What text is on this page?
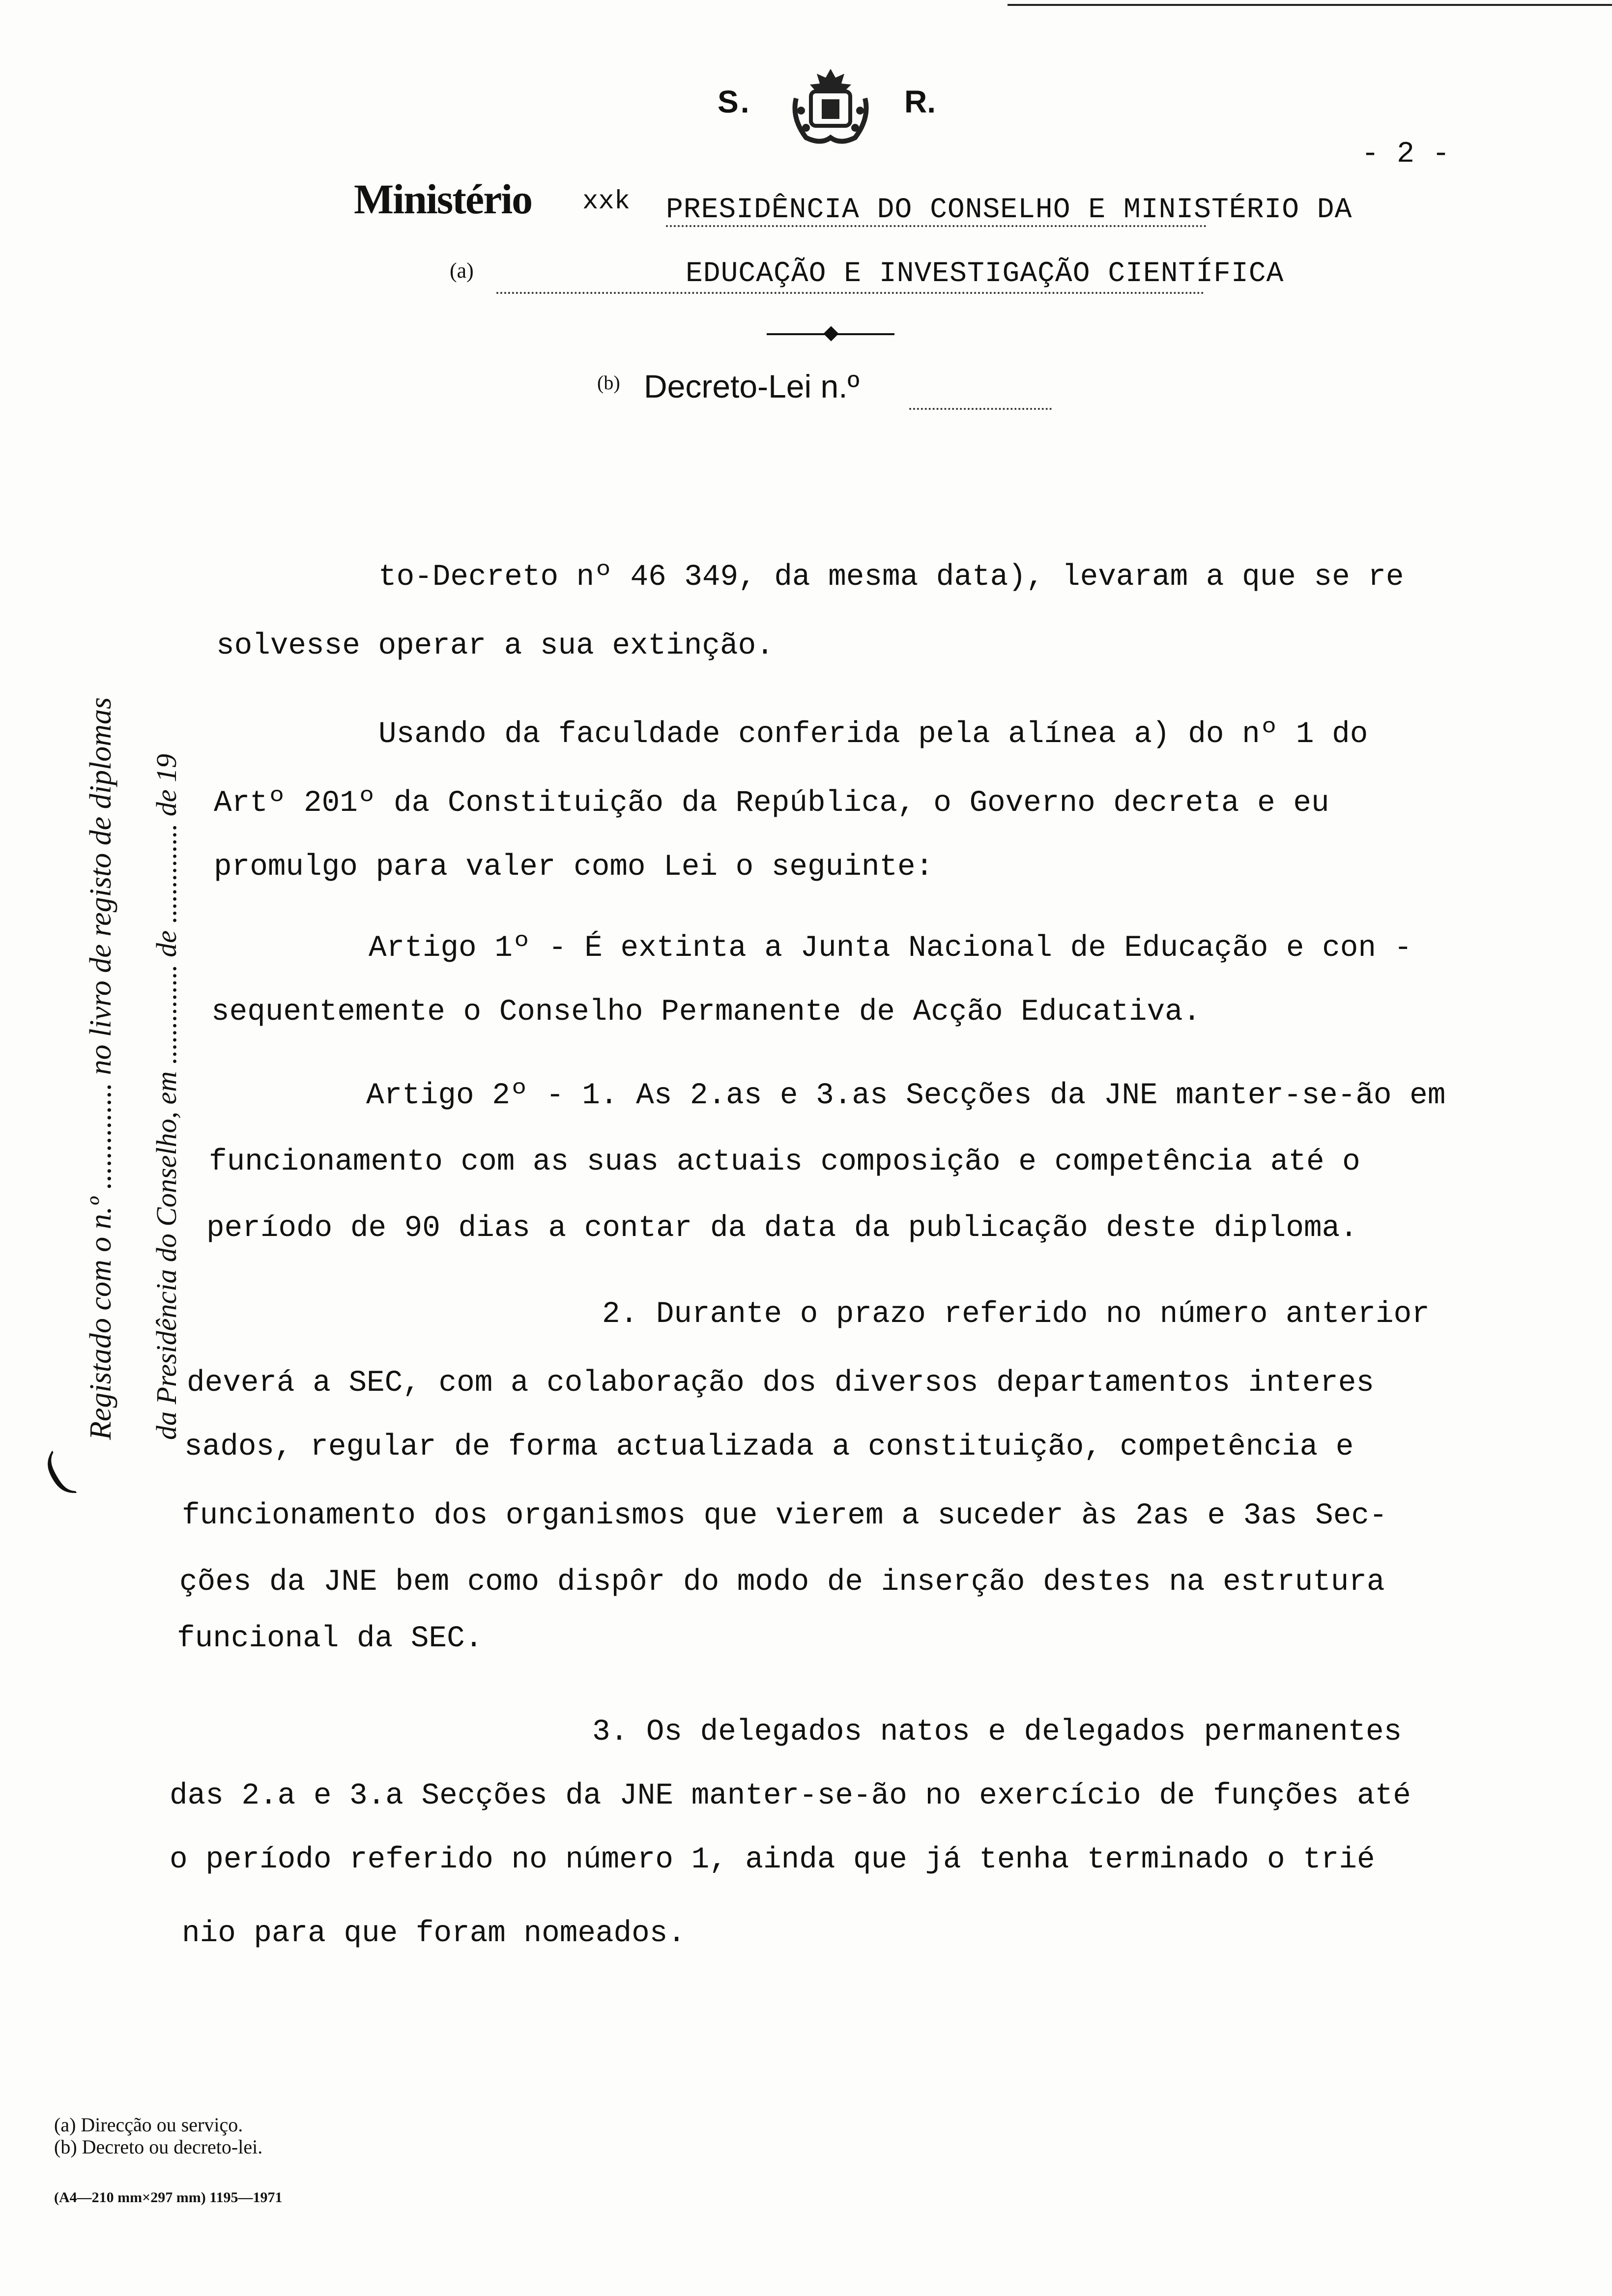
S.	R.
- 2 -
Ministério xxk PRESIDÊNCIA DO CONSELHO E MINISTÉRIO DA
(a)	EDUCAÇÃO E INVESTIGAÇÃO CIENTÍFICA
(b) Decreto-Lei n.º
Registado com o n.º .............. no livro de registo de diplomas da Presidência do Conselho, em .............. de .............. de 19
(
to-Decreto nº 46 349, da mesma data), levaram a que se re
solvesse operar a sua extinção.
Usando da faculdade conferida pela alínea a) do nº 1 do
Artº 201º da Constituição da República, o Governo decreta e eu
promulgo para valer como Lei o seguinte:
Artigo 1º - É extinta a Junta Nacional de Educação e con -
sequentemente o Conselho Permanente de Acção Educativa.
Artigo 2º - 1. As 2.as e 3.as Secções da JNE manter-se-ão em
funcionamento com as suas actuais composição e competência até o
período de 90 dias a contar da data da publicação deste diploma.
2. Durante o prazo referido no número anterior
deverá a SEC, com a colaboração dos diversos departamentos interes
sados, regular de forma actualizada a constituição, competência e
funcionamento dos organismos que vierem a suceder às 2as e 3as Sec-
ções da JNE bem como dispôr do modo de inserção destes na estrutura
funcional da SEC.
3. Os delegados natos e delegados permanentes
das 2.a e 3.a Secções da JNE manter-se-ão no exercício de funções até
o período referido no número 1, ainda que já tenha terminado o trié
nio para que foram nomeados.
(a) Direcção ou serviço.
(b) Decreto ou decreto-lei.
(A4—210 mm×297 mm) 1195—1971
